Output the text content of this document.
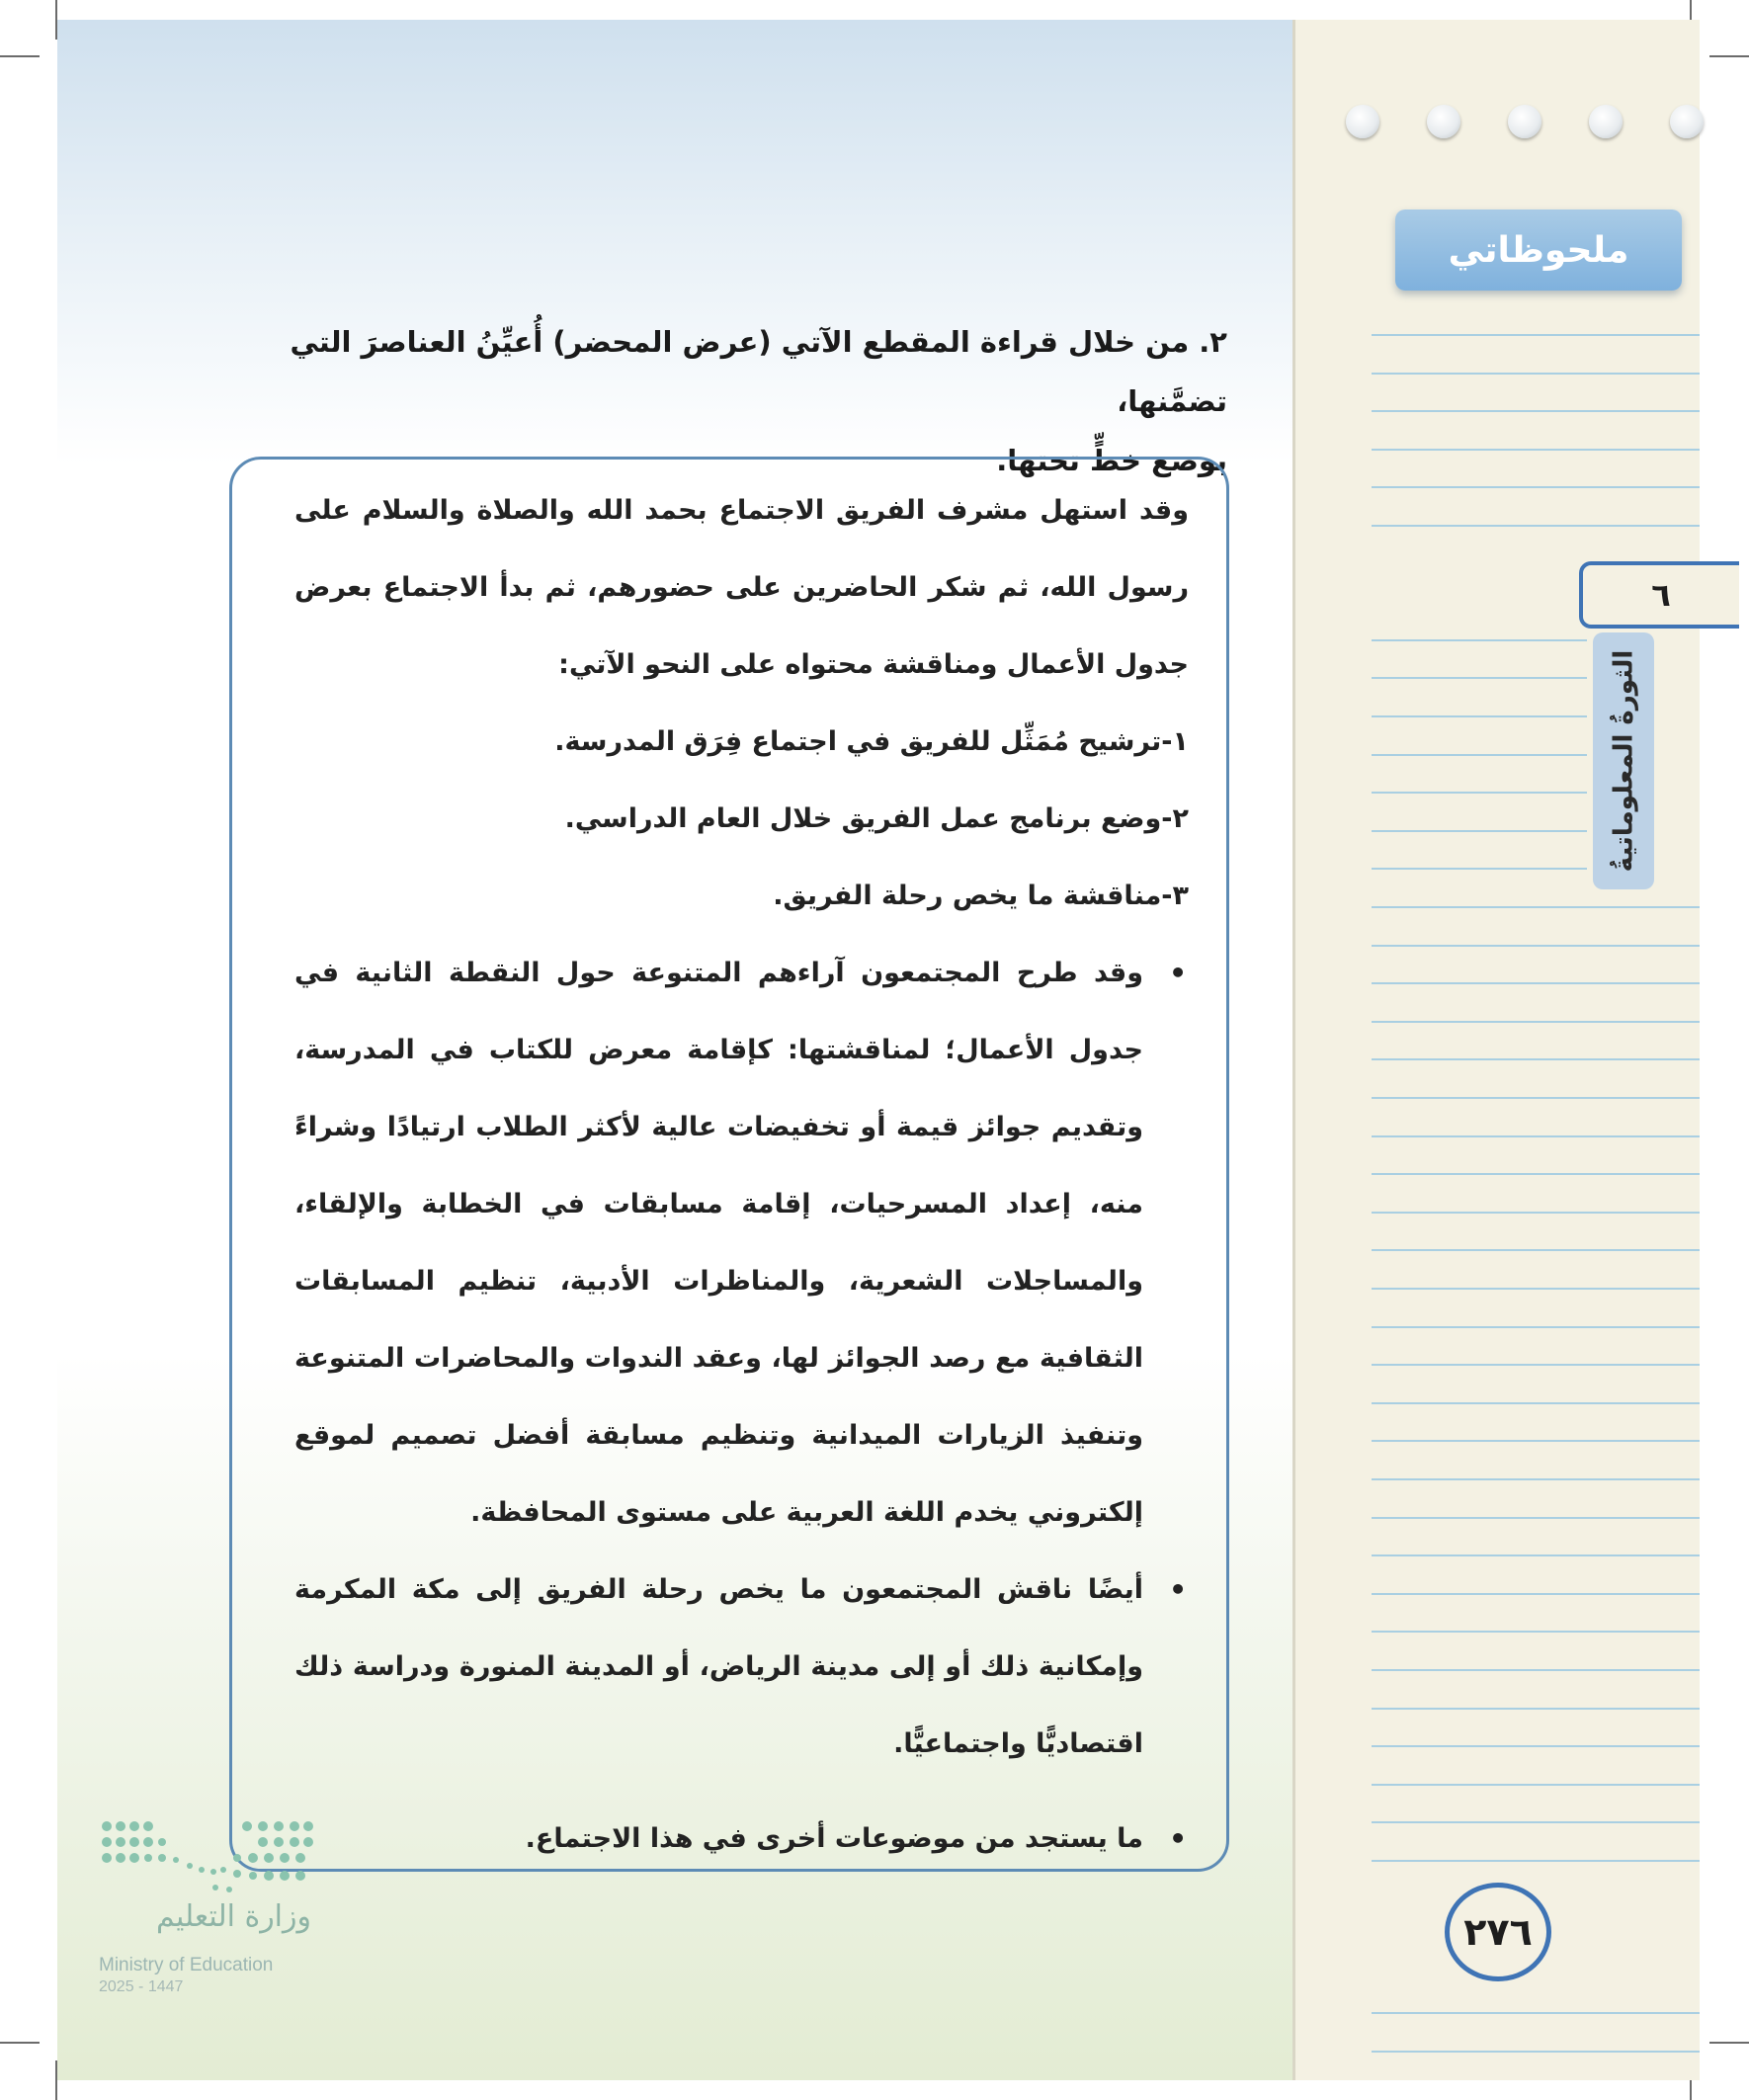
ملحوظاتي
٦
الثورةُ المعلوماتيةُ
٢٧٦
٢. من خلال قراءة المقطع الآتي (عرض المحضر) أُعيِّنُ العناصرَ التي تضمَّنها،
بوضع خطٍّ تحتها.

وقد استهل مشرف الفريق الاجتماع بحمد الله والصلاة والسلام على رسول الله، ثم شكر الحاضرين على حضورهم، ثم بدأ الاجتماع بعرض جدول الأعمال ومناقشة محتواه على النحو الآتي:

١-ترشيح مُمَثِّل للفريق في اجتماع فِرَق المدرسة.

٢-وضع برنامج عمل الفريق خلال العام الدراسي.

٣-مناقشة ما يخص رحلة الفريق.

• وقد طرح المجتمعون آراءهم المتنوعة حول النقطة الثانية في جدول الأعمال؛ لمناقشتها: كإقامة معرض للكتاب في المدرسة، وتقديم جوائز قيمة أو تخفيضات عالية لأكثر الطلاب ارتيادًا وشراءً منه، إعداد المسرحيات، إقامة مسابقات في الخطابة والإلقاء، والمساجلات الشعرية، والمناظرات الأدبية، تنظيم المسابقات الثقافية مع رصد الجوائز لها، وعقد الندوات والمحاضرات المتنوعة وتنفيذ الزيارات الميدانية وتنظيم مسابقة أفضل تصميم لموقع إلكتروني يخدم اللغة العربية على مستوى المحافظة.
• أيضًا ناقش المجتمعون ما يخص رحلة الفريق إلى مكة المكرمة وإمكانية ذلك أو إلى مدينة الرياض، أو المدينة المنورة ودراسة ذلك اقتصاديًّا واجتماعيًّا.
• ما يستجد من موضوعات أخرى في هذا الاجتماع.
وزارة التعليم
Ministry of Education
2025 - 1447
